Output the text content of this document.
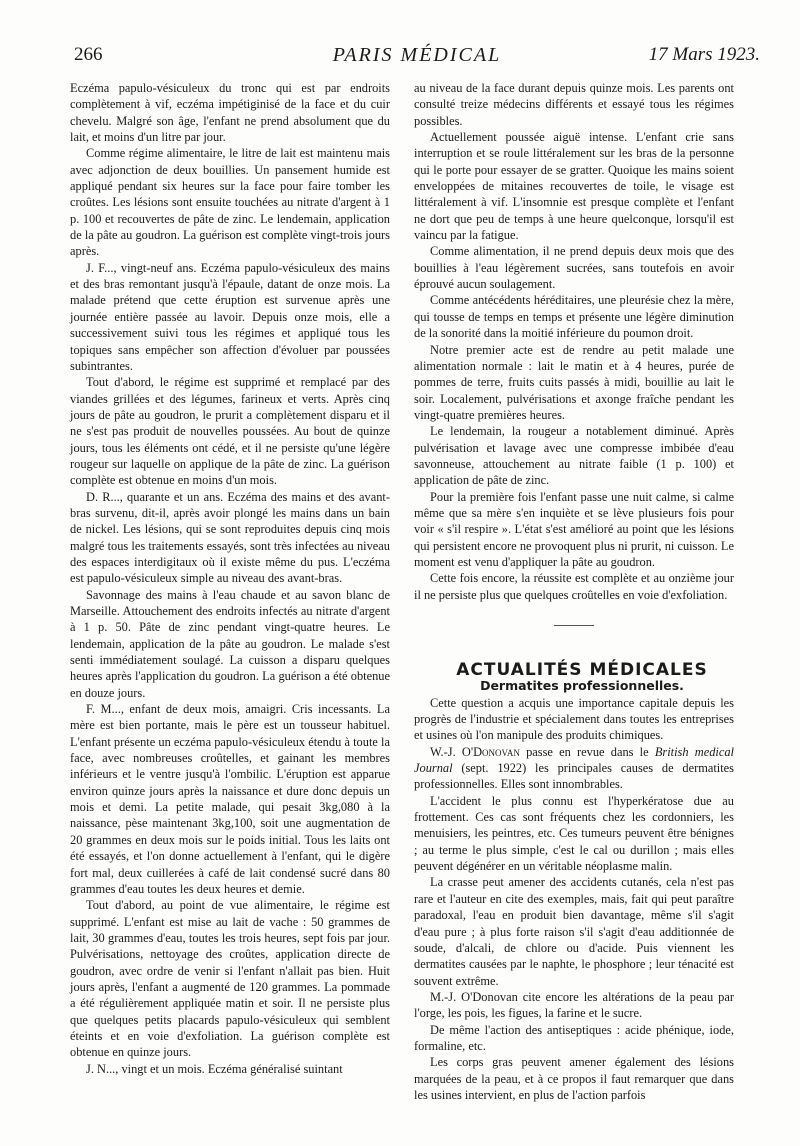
266	PARIS MÉDICAL	17 Mars 1923.

Eczéma papulo-vésiculeux du tronc qui est par endroits complètement à vif, eczéma impétiginisé de la face et du cuir chevelu. Malgré son âge, l'enfant ne prend absolument que du lait, et moins d'un litre par jour.

Comme régime alimentaire, le litre de lait est maintenu mais avec adjonction de deux bouillies. Un pansement humide est appliqué pendant six heures sur la face pour faire tomber les croûtes. Les lésions sont ensuite touchées au nitrate d'argent à 1 p. 100 et recouvertes de pâte de zinc. Le lendemain, application de la pâte au goudron. La guérison est complète vingt-trois jours après.

J. F..., vingt-neuf ans. Eczéma papulo-vésiculeux des mains et des bras remontant jusqu'à l'épaule, datant de onze mois. La malade prétend que cette éruption est survenue après une journée entière passée au lavoir. Depuis onze mois, elle a successivement suivi tous les régimes et appliqué tous les topiques sans empêcher son affection d'évoluer par poussées subintrantes.

Tout d'abord, le régime est supprimé et remplacé par des viandes grillées et des légumes, farineux et verts. Après cinq jours de pâte au goudron, le prurit a complètement disparu et il ne s'est pas produit de nouvelles poussées. Au bout de quinze jours, tous les éléments ont cédé, et il ne persiste qu'une légère rougeur sur laquelle on applique de la pâte de zinc. La guérison complète est obtenue en moins d'un mois.

D. R..., quarante et un ans. Eczéma des mains et des avant-bras survenu, dit-il, après avoir plongé les mains dans un bain de nickel. Les lésions, qui se sont reproduites depuis cinq mois malgré tous les traitements essayés, sont très infectées au niveau des espaces interdigitaux où il existe même du pus. L'eczéma est papulo-vésiculeux simple au niveau des avant-bras.

Savonnage des mains à l'eau chaude et au savon blanc de Marseille. Attouchement des endroits infectés au nitrate d'argent à 1 p. 50. Pâte de zinc pendant vingt-quatre heures. Le lendemain, application de la pâte au goudron. Le malade s'est senti immédiatement soulagé. La cuisson a disparu quelques heures après l'application du goudron. La guérison a été obtenue en douze jours.

F. M..., enfant de deux mois, amaigri. Cris incessants. La mère est bien portante, mais le père est un tousseur habituel. L'enfant présente un eczéma papulo-vésiculeux étendu à toute la face, avec nombreuses croûtelles, et gainant les membres inférieurs et le ventre jusqu'à l'ombilic. L'éruption est apparue environ quinze jours après la naissance et dure donc depuis un mois et demi. La petite malade, qui pesait 3kg,080 à la naissance, pèse maintenant 3kg,100, soit une augmentation de 20 grammes en deux mois sur le poids initial. Tous les laits ont été essayés, et l'on donne actuellement à l'enfant, qui le digère fort mal, deux cuillerées à café de lait condensé sucré dans 80 grammes d'eau toutes les deux heures et demie.

Tout d'abord, au point de vue alimentaire, le régime est supprimé. L'enfant est mise au lait de vache : 50 grammes de lait, 30 grammes d'eau, toutes les trois heures, sept fois par jour. Pulvérisations, nettoyage des croûtes, application directe de goudron, avec ordre de venir si l'enfant n'allait pas bien. Huit jours après, l'enfant a augmenté de 120 grammes. La pommade a été régulièrement appliquée matin et soir. Il ne persiste plus que quelques petits placards papulo-vésiculeux qui semblent éteints et en voie d'exfoliation. La guérison complète est obtenue en quinze jours.

J. N..., vingt et un mois. Eczéma généralisé suintant

au niveau de la face durant depuis quinze mois. Les parents ont consulté treize médecins différents et essayé tous les régimes possibles.

Actuellement poussée aiguë intense. L'enfant crie sans interruption et se roule littéralement sur les bras de la personne qui le porte pour essayer de se gratter. Quoique les mains soient enveloppées de mitaines recouvertes de toile, le visage est littéralement à vif. L'insomnie est presque complète et l'enfant ne dort que peu de temps à une heure quelconque, lorsqu'il est vaincu par la fatigue.

Comme alimentation, il ne prend depuis deux mois que des bouillies à l'eau légèrement sucrées, sans toutefois en avoir éprouvé aucun soulagement.

Comme antécédents héréditaires, une pleurésie chez la mère, qui tousse de temps en temps et présente une légère diminution de la sonorité dans la moitié inférieure du poumon droit.

Notre premier acte est de rendre au petit malade une alimentation normale : lait le matin et à 4 heures, purée de pommes de terre, fruits cuits passés à midi, bouillie au lait le soir. Localement, pulvérisations et axonge fraîche pendant les vingt-quatre premières heures.

Le lendemain, la rougeur a notablement diminué. Après pulvérisation et lavage avec une compresse imbibée d'eau savonneuse, attouchement au nitrate faible (1 p. 100) et application de pâte de zinc.

Pour la première fois l'enfant passe une nuit calme, si calme même que sa mère s'en inquiète et se lève plusieurs fois pour voir « s'il respire ». L'état s'est amélioré au point que les lésions qui persistent encore ne provoquent plus ni prurit, ni cuisson. Le moment est venu d'appliquer la pâte au goudron.

Cette fois encore, la réussite est complète et au onzième jour il ne persiste plus que quelques croûtelles en voie d'exfoliation.

ACTUALITÉS MÉDICALES

Dermatites professionnelles.

Cette question a acquis une importance capitale depuis les progrès de l'industrie et spécialement dans toutes les entreprises et usines où l'on manipule des produits chimiques.

W.-J. O'Donovan passe en revue dans le British medical Journal (sept. 1922) les principales causes de dermatites professionnelles. Elles sont innombrables.

L'accident le plus connu est l'hyperkératose due au frottement. Ces cas sont fréquents chez les cordonniers, les menuisiers, les peintres, etc. Ces tumeurs peuvent être bénignes ; au terme le plus simple, c'est le cal ou durillon ; mais elles peuvent dégénérer en un véritable néoplasme malin.

La crasse peut amener des accidents cutanés, cela n'est pas rare et l'auteur en cite des exemples, mais, fait qui peut paraître paradoxal, l'eau en produit bien davantage, même s'il s'agit d'eau pure ; à plus forte raison s'il s'agit d'eau additionnée de soude, d'alcali, de chlore ou d'acide. Puis viennent les dermatites causées par le naphte, le phosphore ; leur ténacité est souvent extrême.

M.-J. O'Donovan cite encore les altérations de la peau par l'orge, les pois, les figues, la farine et le sucre.

De même l'action des antiseptiques : acide phénique, iode, formaline, etc.

Les corps gras peuvent amener également des lésions marquées de la peau, et à ce propos il faut remarquer que dans les usines intervient, en plus de l'action parfois
